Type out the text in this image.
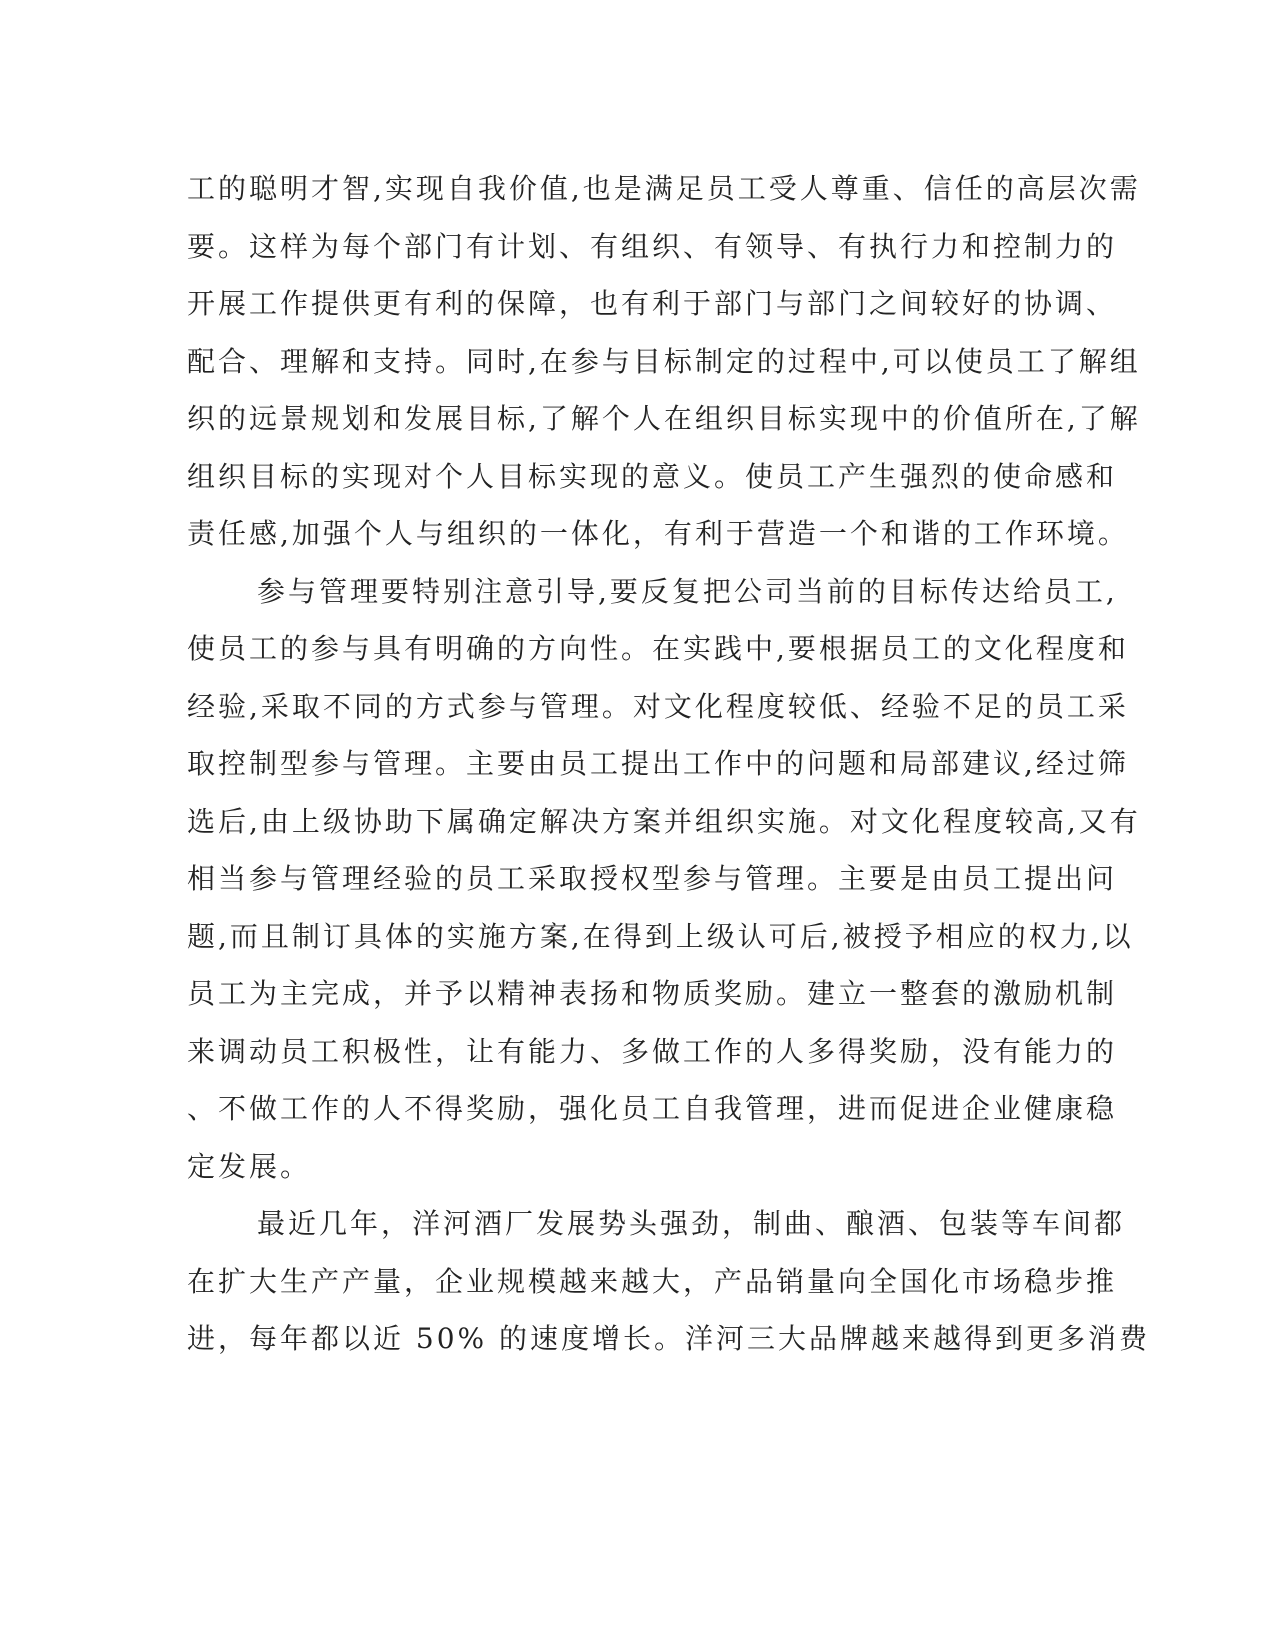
工的聪明才智,实现自我价值,也是满足员工受人尊重、信任的高层次需
要。这样为每个部门有计划、有组织、有领导、有执行力和控制力的
开展工作提供更有利的保障，也有利于部门与部门之间较好的协调、
配合、理解和支持。同时,在参与目标制定的过程中,可以使员工了解组
织的远景规划和发展目标,了解个人在组织目标实现中的价值所在,了解
组织目标的实现对个人目标实现的意义。使员工产生强烈的使命感和
责任感,加强个人与组织的一体化，有利于营造一个和谐的工作环境。
参与管理要特别注意引导,要反复把公司当前的目标传达给员工,
使员工的参与具有明确的方向性。在实践中,要根据员工的文化程度和
经验,采取不同的方式参与管理。对文化程度较低、经验不足的员工采
取控制型参与管理。主要由员工提出工作中的问题和局部建议,经过筛
选后,由上级协助下属确定解决方案并组织实施。对文化程度较高,又有
相当参与管理经验的员工采取授权型参与管理。主要是由员工提出问
题,而且制订具体的实施方案,在得到上级认可后,被授予相应的权力,以
员工为主完成，并予以精神表扬和物质奖励。建立一整套的激励机制
来调动员工积极性，让有能力、多做工作的人多得奖励，没有能力的
、不做工作的人不得奖励，强化员工自我管理，进而促进企业健康稳
定发展。
最近几年，洋河酒厂发展势头强劲，制曲、酿酒、包装等车间都
在扩大生产产量，企业规模越来越大，产品销量向全国化市场稳步推
进，每年都以近 50% 的速度增长。洋河三大品牌越来越得到更多消费
